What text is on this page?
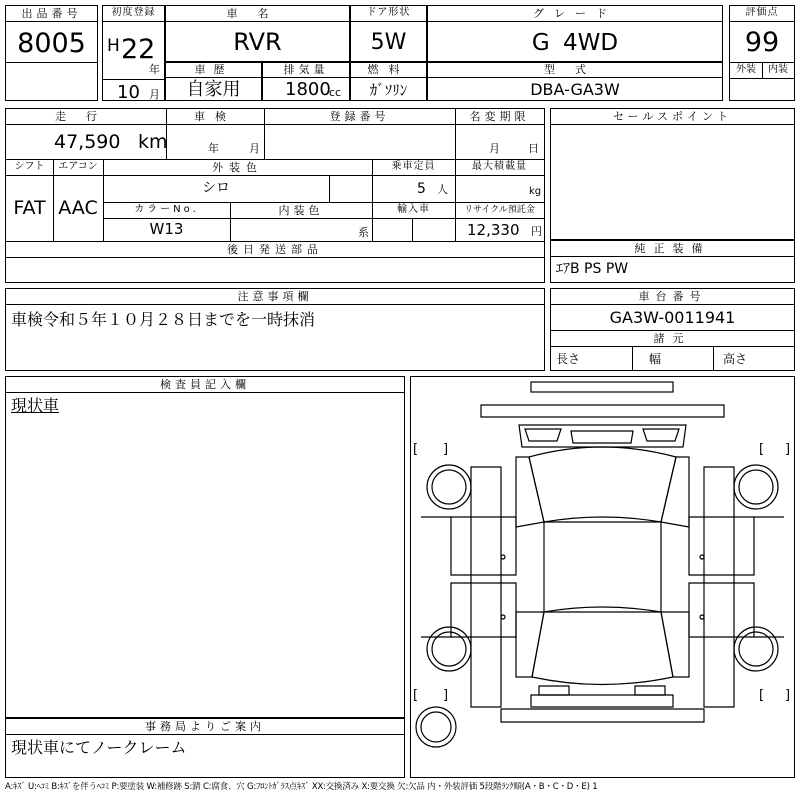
出品番号
8005
初度登録
H 22
年
10 月
車名
RVR
ドア形状
5W
グレード
G 4WD
評価点
99
外装	内装
車歴
自家用
排気量
1800
cc
燃料
ｶﾞｿﾘﾝ
型式
DBA-GA3W
走行
47,590 km
車検
年	月
登録番号	名変期限
月	日
シフト
FAT
エアコン
AAC
外装色
シロ
乗車定員
5 人
最大積載量
kg
カラーNo.
W13
内装色
系
輸入車	リサイクル預託金
12,330 円
後日発送部品
セールスポイント
純正装備
ｴｱB PS PW
注意事項欄
車検令和５年１０月２８日までを一時抹消
車台番号
GA3W-0011941
諸元
長さ	幅	高さ
検査員記入欄
現状車
事務局よりご案内
現状車にてノークレーム
[ ]	[ ]
[ ]	[ ]
A:ｷｽﾞ U:ﾍｺﾐ B:ｷｽﾞを伴うﾍｺﾐ P:要塗装 W:補修跡 S:錆 C:腐食、穴 G:ﾌﾛﾝﾄｶﾞﾗｽ点ｷｽﾞ XX:交換済み X:要交換 欠:欠品 内・外装評価 5段階ﾗﾝｸ順(A・B・C・D・E) 1
